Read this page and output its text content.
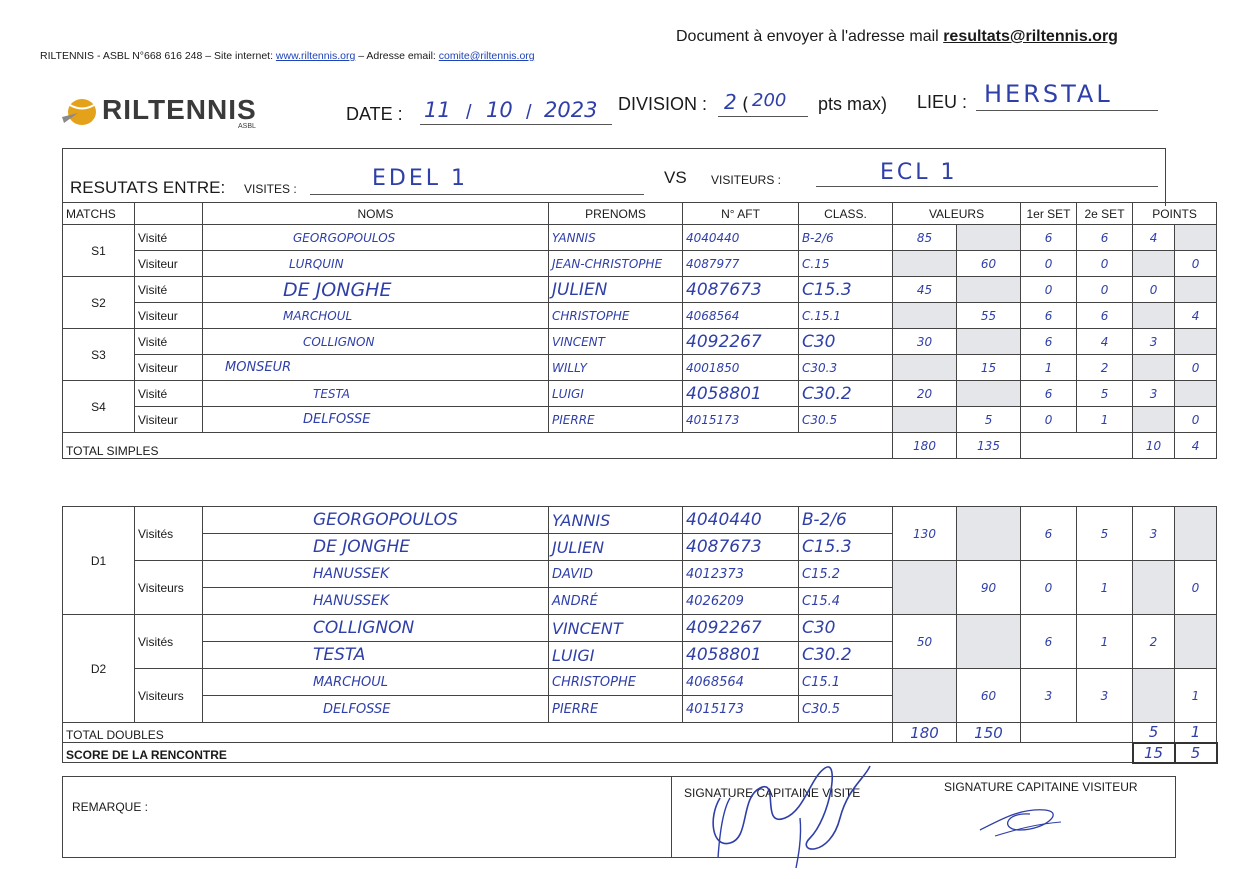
RILTENNIS - ASBL N°668 616 248 – Site internet: www.riltennis.org – Adresse email: comite@riltennis.org
Document à envoyer à l'adresse mail resultats@riltennis.org
RILTENNIS
ASBL
DATE : 11 / 10 / 2023 DIVISION : 2 ( 200 pts max) LIEU : HERSTAL
RESUTATS ENTRE: VISITES :	EDEL 1	VS VISITEURS :	ECL 1
MATCHS		NOMS	PRENOMS	N° AFT	CLASS.	VALEURS		1er SET	2e SET	POINTS	
S1	Visité	GEORGOPOULOS	YANNIS	4040440	B-2/6	85		6	6	4	
	Visiteur	LURQUIN	JEAN-CHRISTOPHE	4087977	C.15		60	0	0		0
S2	Visité	DE JONGHE	JULIEN	4087673	C15.3	45		0	0	0	
	Visiteur	MARCHOUL	CHRISTOPHE	4068564	C.15.1		55	6	6		4
S3	Visité	COLLIGNON	VINCENT	4092267	C30	30		6	4	3	
	Visiteur	MONSEUR	WILLY	4001850	C30.3		15	1	2		0
S4	Visité	TESTA	LUIGI	4058801	C30.2	20		6	5	3	
	Visiteur	DELFOSSE	PIERRE	4015173	C30.5		5	0	1		0
TOTAL SIMPLES						180	135			10	4
D1	Visités	GEORGOPOULOS	YANNIS	4040440	B-2/6	130		6	5	3	
		DE JONGHE	JULIEN	4087673	C15.3						
	Visiteurs	HANUSSEK	DAVID	4012373	C15.2		90	0	1		0
		HANUSSEK	ANDRÉ	4026209	C15.4						
D2	Visités	COLLIGNON	VINCENT	4092267	C30	50		6	1	2	
		TESTA	LUIGI	4058801	C30.2						
	Visiteurs	MARCHOUL	CHRISTOPHE	4068564	C15.1		60	3	3		1
		DELFOSSE	PIERRE	4015173	C30.5						
TOTAL DOUBLES						180	150			5	1
SCORE DE LA RENCONTRE										15	5
REMARQUE :
SIGNATURE CAPITAINE VISITE	SIGNATURE CAPITAINE VISITEUR
